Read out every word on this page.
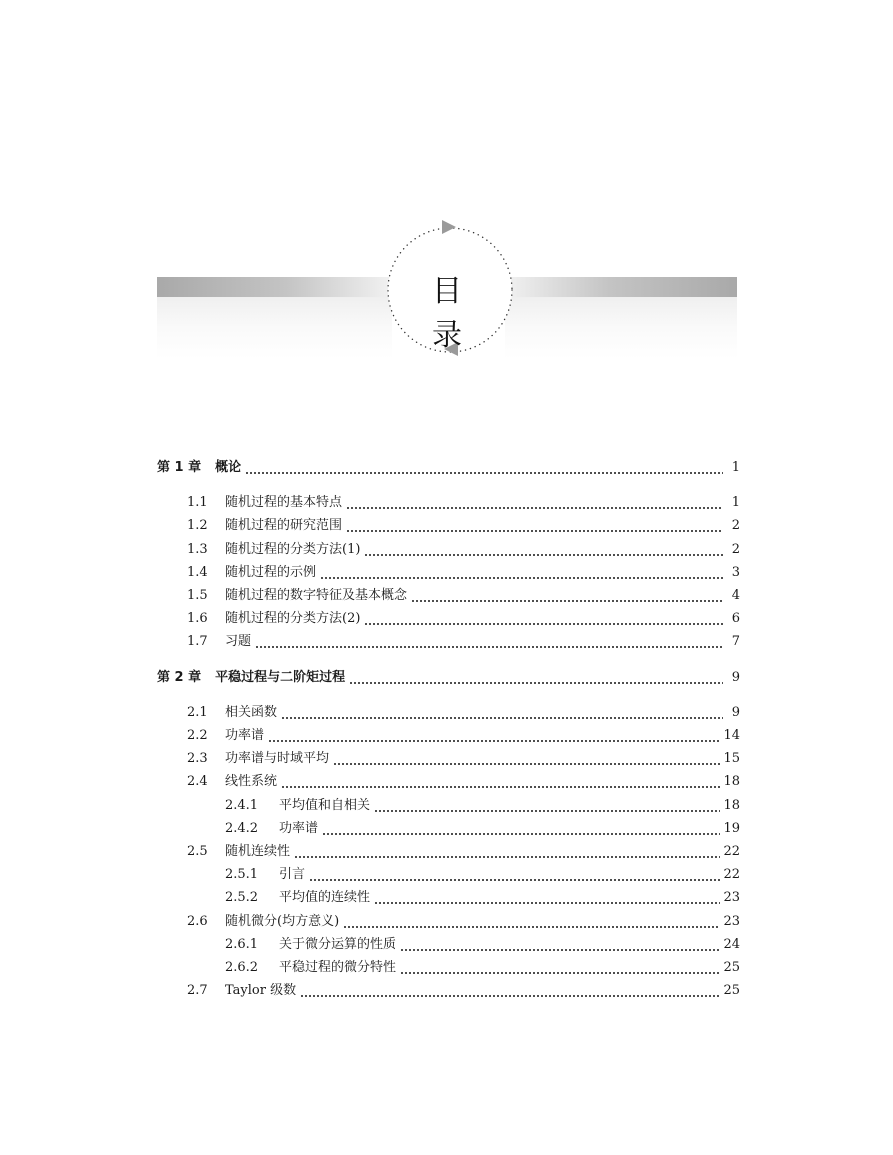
目 录
第 1 章 概论	1
1.1	随机过程的基本特点	1
1.2	随机过程的研究范围	2
1.3	随机过程的分类方法(1)	2
1.4	随机过程的示例	3
1.5	随机过程的数字特征及基本概念	4
1.6	随机过程的分类方法(2)	6
1.7	习题	7
第 2 章 平稳过程与二阶矩过程	9
2.1	相关函数	9
2.2	功率谱	14
2.3	功率谱与时域平均	15
2.4	线性系统	18
2.4.1	平均值和自相关	18
2.4.2	功率谱	19
2.5	随机连续性	22
2.5.1	引言	22
2.5.2	平均值的连续性	23
2.6	随机微分(均方意义)	23
2.6.1	关于微分运算的性质	24
2.6.2	平稳过程的微分特性	25
2.7	Taylor 级数	25
